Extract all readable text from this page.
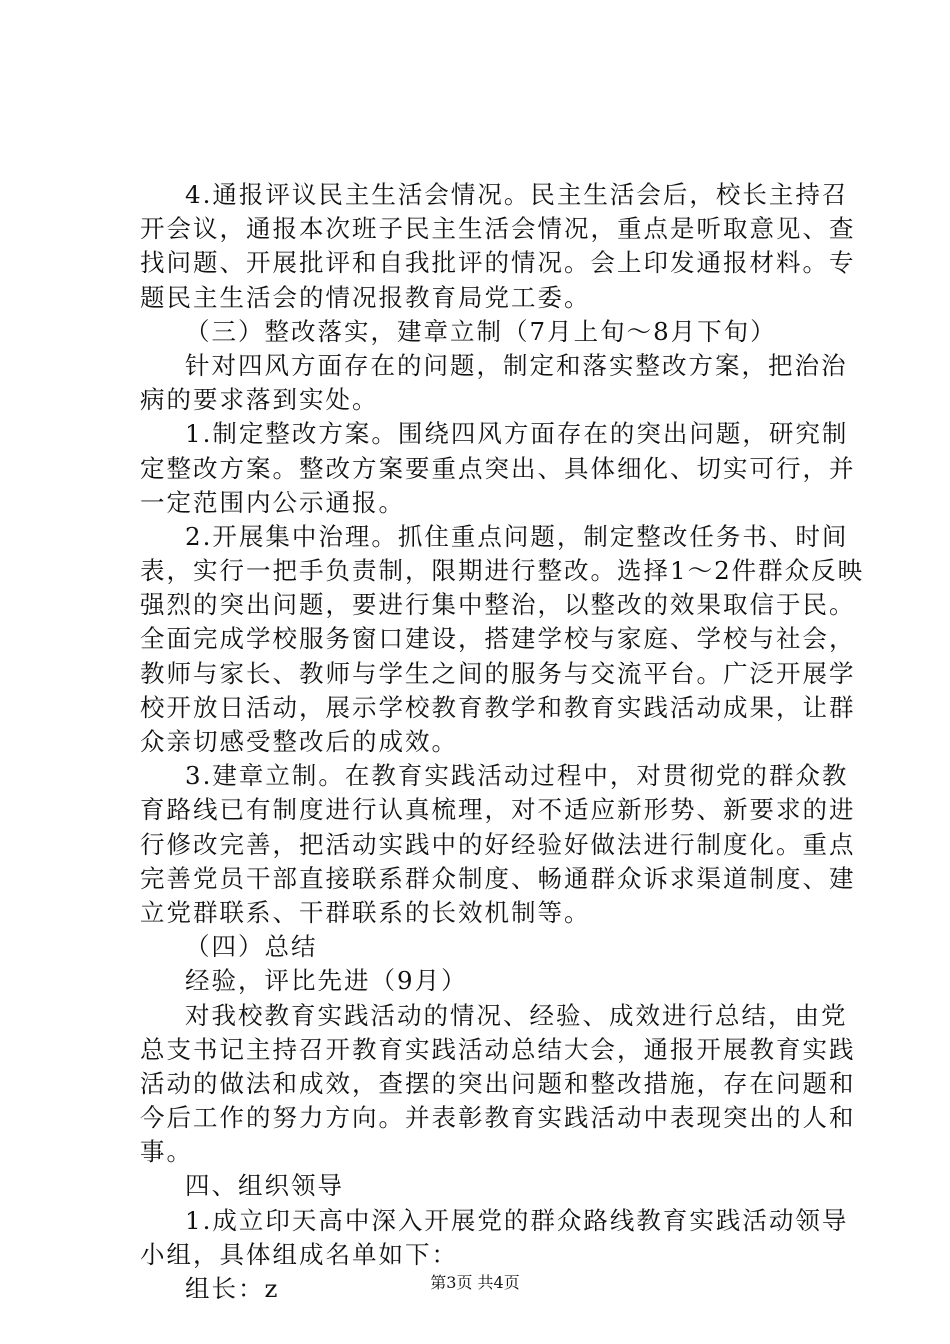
4.通报评议民主生活会情况。民主生活会后，校长主持召
开会议，通报本次班子民主生活会情况，重点是听取意见、查
找问题、开展批评和自我批评的情况。会上印发通报材料。专
题民主生活会的情况报教育局党工委。
（三）整改落实，建章立制（7月上旬～8月下旬）
针对四风方面存在的问题，制定和落实整改方案，把治治
病的要求落到实处。
1.制定整改方案。围绕四风方面存在的突出问题，研究制
定整改方案。整改方案要重点突出、具体细化、切实可行，并
一定范围内公示通报。
2.开展集中治理。抓住重点问题，制定整改任务书、时间
表，实行一把手负责制，限期进行整改。选择1～2件群众反映
强烈的突出问题，要进行集中整治，以整改的效果取信于民。
全面完成学校服务窗口建设，搭建学校与家庭、学校与社会，
教师与家长、教师与学生之间的服务与交流平台。广泛开展学
校开放日活动，展示学校教育教学和教育实践活动成果，让群
众亲切感受整改后的成效。
3.建章立制。在教育实践活动过程中，对贯彻党的群众教
育路线已有制度进行认真梳理，对不适应新形势、新要求的进
行修改完善，把活动实践中的好经验好做法进行制度化。重点
完善党员干部直接联系群众制度、畅通群众诉求渠道制度、建
立党群联系、干群联系的长效机制等。
（四）总结
经验，评比先进（9月）
对我校教育实践活动的情况、经验、成效进行总结，由党
总支书记主持召开教育实践活动总结大会，通报开展教育实践
活动的做法和成效，查摆的突出问题和整改措施，存在问题和
今后工作的努力方向。并表彰教育实践活动中表现突出的人和
事。
四、组织领导
1.成立印天高中深入开展党的群众路线教育实践活动领导
小组，具体组成名单如下：
组长：z	第3页 共4页
